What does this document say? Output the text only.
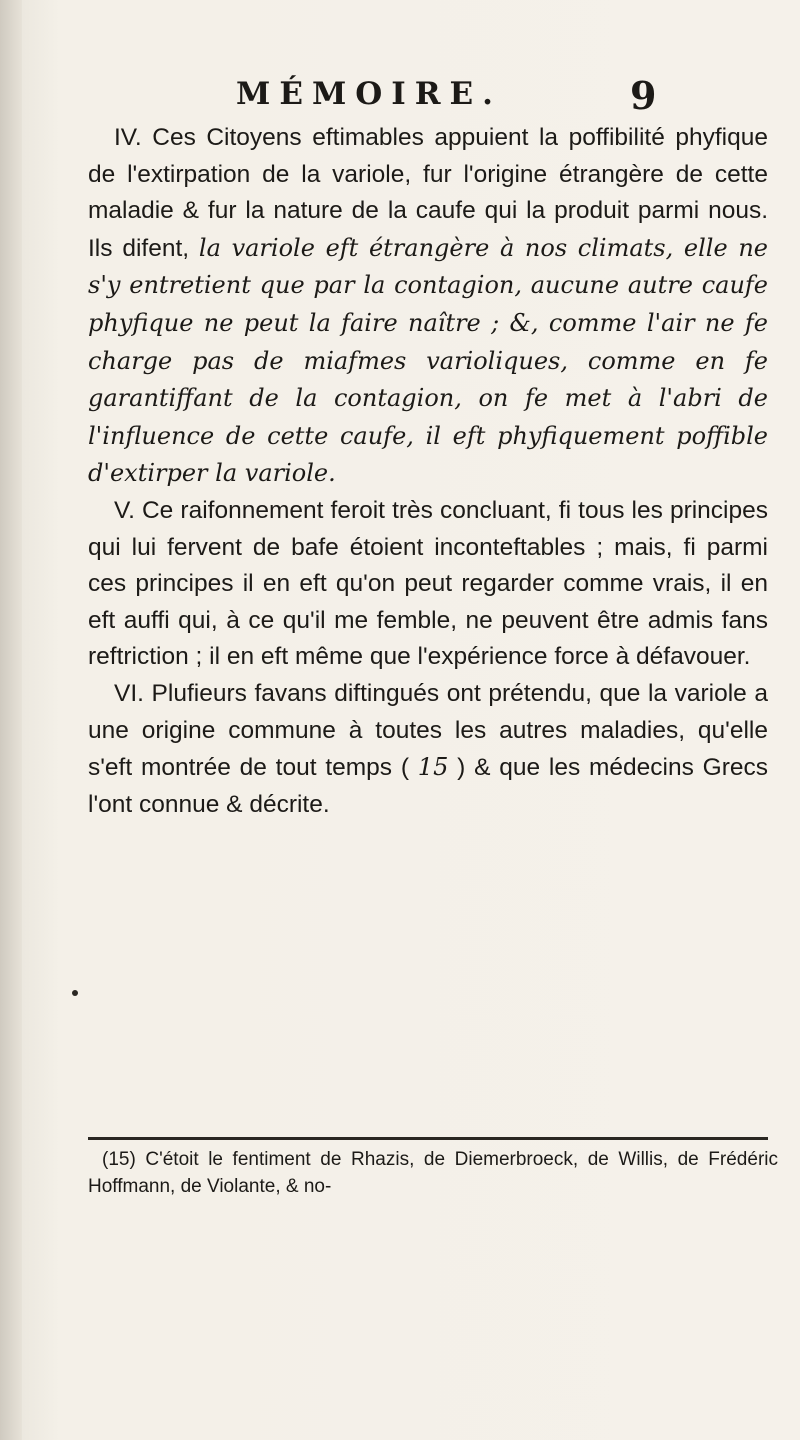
MÉMOIRE.	9

IV. Ces Citoyens eftimables appuient la poffibilité phyfique de l'extirpation de la variole, fur l'origine étrangère de cette maladie & fur la nature de la caufe qui la produit parmi nous. Ils difent, la variole eft étrangère à nos climats, elle ne s'y entretient que par la contagion, aucune autre caufe phyfique ne peut la faire naître ; &, comme l'air ne fe charge pas de miafmes varioliques, comme en fe garantiffant de la contagion, on fe met à l'abri de l'influence de cette caufe, il eft phyfiquement poffible d'extirper la variole.

V. Ce raifonnement feroit très concluant, fi tous les principes qui lui fervent de bafe étoient inconteftables ; mais, fi parmi ces principes il en eft qu'on peut regarder comme vrais, il en eft auffi qui, à ce qu'il me femble, ne peuvent être admis fans reftriction ; il en eft même que l'expérience force à défavouer.

VI. Plufieurs favans diftingués ont prétendu, que la variole a une origine commune à toutes les autres maladies, qu'elle s'eft montrée de tout temps ( 15 ) & que les médecins Grecs l'ont connue & décrite.

(15) C'étoit le fentiment de Rhazis, de Diemerbroeck, de Willis, de Frédéric Hoffmann, de Violante, & no-
